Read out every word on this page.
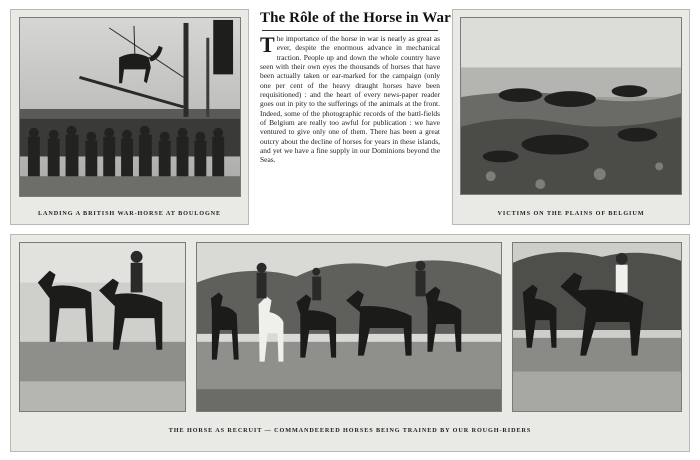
LANDING A BRITISH WAR-HORSE AT BOULOGNE
The Rôle of the Horse in War

The importance of the horse in war is nearly as great as ever, despite the enormous advance in mechanical traction. People up and down the whole country have seen with their own eyes the thousands of horses that have been actually taken or ear-marked for the campaign (only one per cent of the heavy draught horses have been requisitioned) : and the heart of every news-paper reader goes out in pity to the sufferings of the animals at the front. Indeed, some of the photographic records of the battl-fields of Belgium are really too awful for publication : we have ventured to give only one of them. There has been a great outcry about the decline of horses for years in these islands, and yet we have a fine supply in our Dominions beyond the Seas.

VICTIMS ON THE PLAINS OF BELGIUM
THE HORSE AS RECRUIT — COMMANDEERED HORSES BEING TRAINED BY OUR ROUGH-RIDERS
